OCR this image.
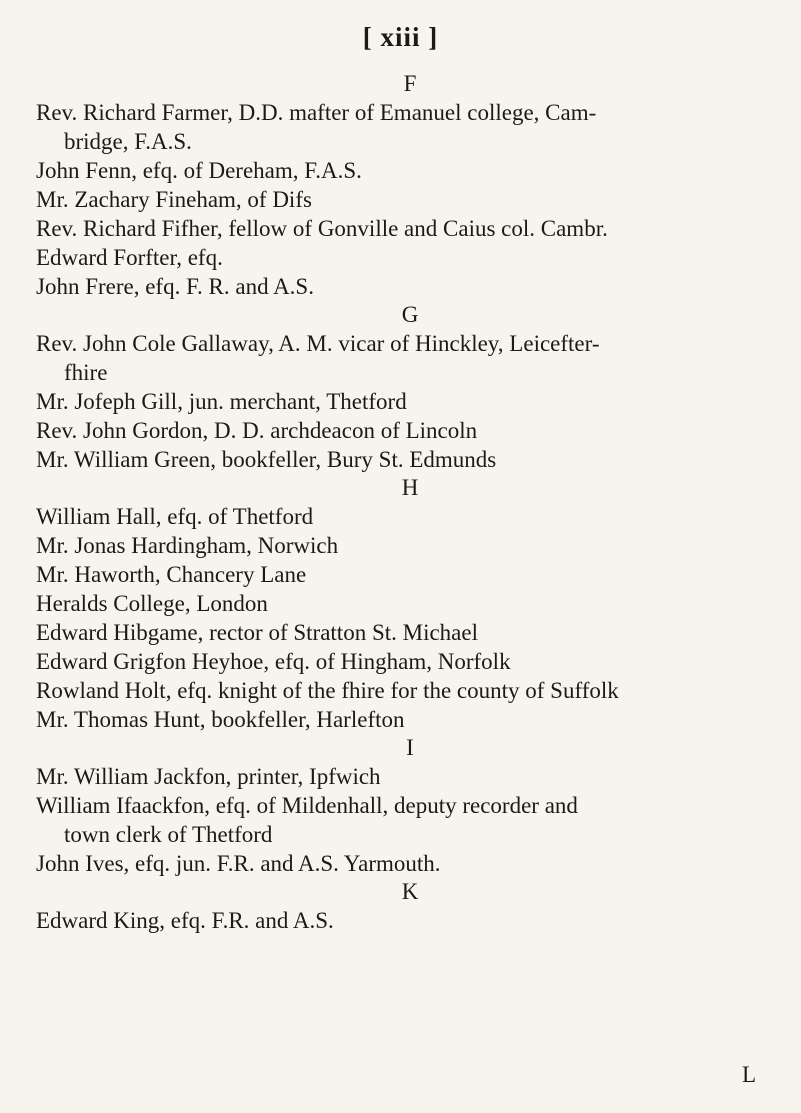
[ xiii ]
F
Rev. Richard Farmer, D.D. mafter of Emanuel college, Cam-
bridge, F.A.S.
John Fenn, efq. of Dereham, F.A.S.
Mr. Zachary Fineham, of Difs
Rev. Richard Fifher, fellow of Gonville and Caius col. Cambr.
Edward Forfter, efq.
John Frere, efq. F. R. and A.S.
G
Rev. John Cole Gallaway, A. M. vicar of Hinckley, Leicefter-
fhire
Mr. Jofeph Gill, jun. merchant, Thetford
Rev. John Gordon, D. D. archdeacon of Lincoln
Mr. William Green, bookfeller, Bury St. Edmunds
H
William Hall, efq. of Thetford
Mr. Jonas Hardingham, Norwich
Mr. Haworth, Chancery Lane
Heralds College, London
Edward Hibgame, rector of Stratton St. Michael
Edward Grigfon Heyhoe, efq. of Hingham, Norfolk
Rowland Holt, efq. knight of the fhire for the county of Suffolk
Mr. Thomas Hunt, bookfeller, Harlefton
I
Mr. William Jackfon, printer, Ipfwich
William Ifaackfon, efq. of Mildenhall, deputy recorder and
town clerk of Thetford
John Ives, efq. jun. F.R. and A.S. Yarmouth.
K
Edward King, efq. F.R. and A.S.
L
